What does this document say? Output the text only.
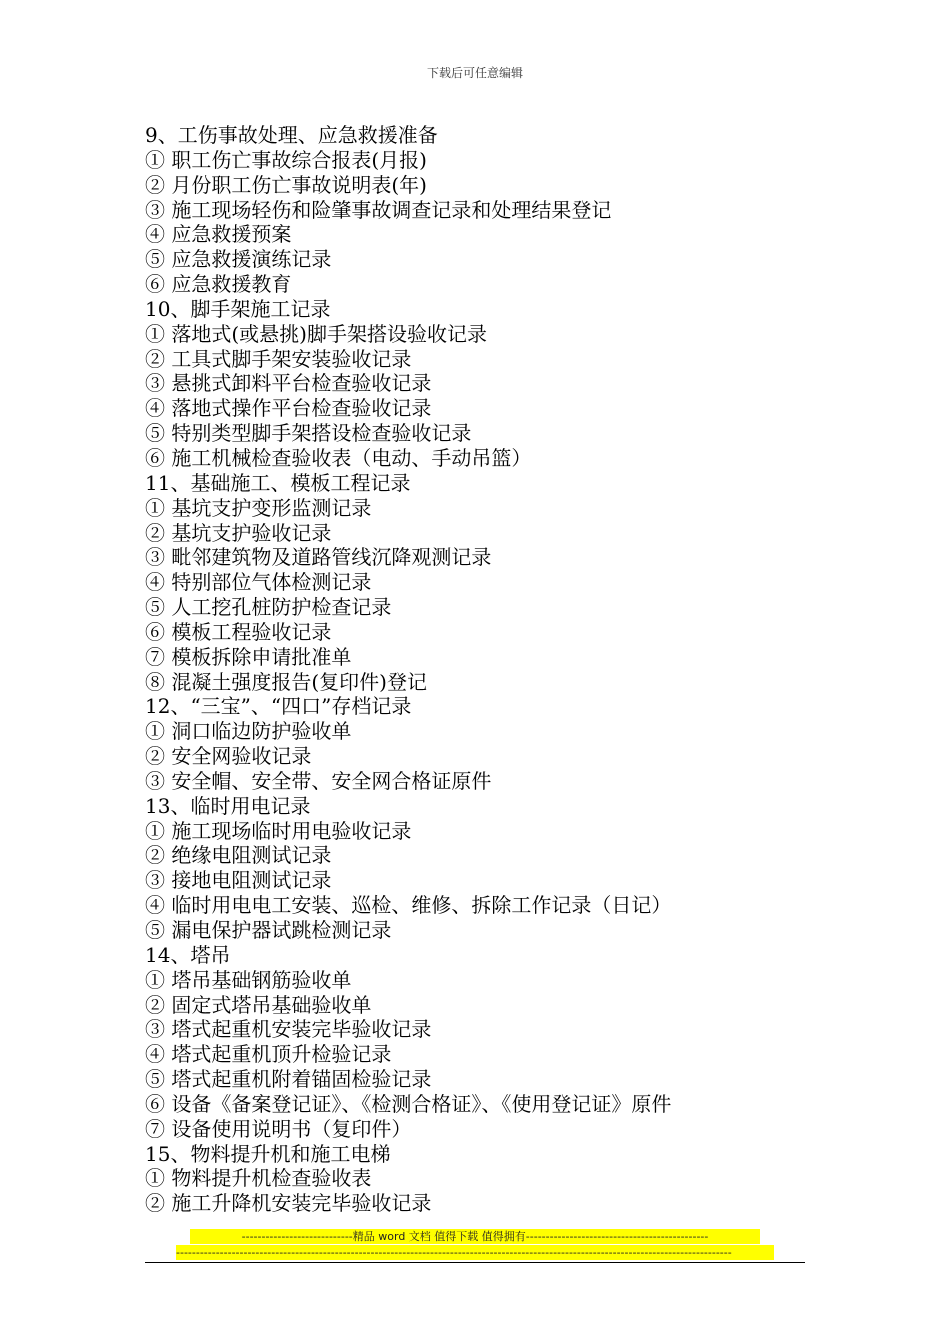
下载后可任意编辑
9、工伤事故处理、应急救援准备
① 职工伤亡事故综合报表(月报)
② 月份职工伤亡事故说明表(年)
③ 施工现场轻伤和险肇事故调查记录和处理结果登记
④ 应急救援预案
⑤ 应急救援演练记录
⑥ 应急救援教育
10、脚手架施工记录
① 落地式(或悬挑)脚手架搭设验收记录
② 工具式脚手架安装验收记录
③ 悬挑式卸料平台检查验收记录
④ 落地式操作平台检查验收记录
⑤ 特别类型脚手架搭设检查验收记录
⑥ 施工机械检查验收表（电动、手动吊篮）
11、基础施工、模板工程记录
① 基坑支护变形监测记录
② 基坑支护验收记录
③ 毗邻建筑物及道路管线沉降观测记录
④ 特别部位气体检测记录
⑤ 人工挖孔桩防护检查记录
⑥ 模板工程验收记录
⑦ 模板拆除申请批准单
⑧ 混凝土强度报告(复印件)登记
12、“三宝”、“四口”存档记录
① 洞口临边防护验收单
② 安全网验收记录
③ 安全帽、安全带、安全网合格证原件
13、临时用电记录
① 施工现场临时用电验收记录
② 绝缘电阻测试记录
③ 接地电阻测试记录
④ 临时用电电工安装、巡检、维修、拆除工作记录（日记）
⑤ 漏电保护器试跳检测记录
14、塔吊
① 塔吊基础钢筋验收单
② 固定式塔吊基础验收单
③ 塔式起重机安装完毕验收记录
④ 塔式起重机顶升检验记录
⑤ 塔式起重机附着锚固检验记录
⑥ 设备《备案登记证》、《检测合格证》、《使用登记证》原件
⑦ 设备使用说明书（复印件）
15、物料提升机和施工电梯
① 物料提升机检查验收表
② 施工升降机安装完毕验收记录
----------------------------精品 word 文档 值得下载 值得拥有----------------------------------------------
--------------------------------------------------------------------------------------------------------------------------------------------
